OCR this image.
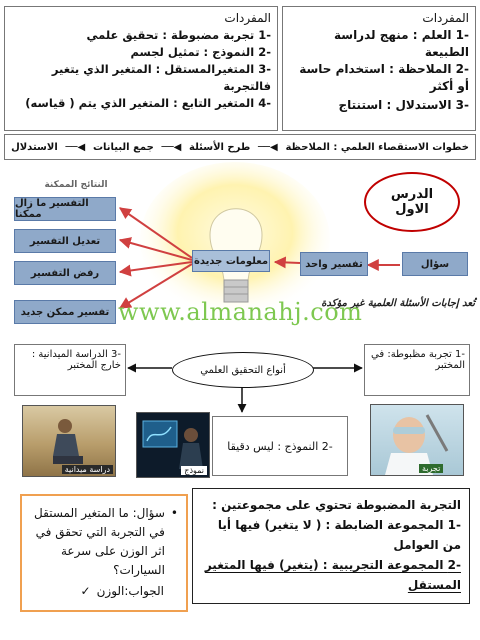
المفردات
-1 العلم : منهج لدراسة الطبيعة
-2 الملاحظة : استخدام حاسة أو أكثر
-3 الاستدلال : استنتاج
المفردات
-1 تجربة مضبوطة : تحقيق علمي
-2 النموذج : تمثيل لجسم
-3 المتغيرالمستقل : المتغير الذي يتغير فالتجربة
-4 المتغير التابع : المتغير الذي يتم ( قياسه)
خطوات الاستقصاء العلمي : الملاحظة
◀──
طرح الأسئلة
◀──
جمع البيانات
◀──
الاستدلال
النتائج الممكنة
التفسير ما زال ممكنا
تعديل التفسير
رفض التفسير
تفسير ممكن جديد
معلومات جديدة	تفسير واحد	سؤال
الدرس
الاول
تُعد إجابات الأسئلة العلمية غير مؤكدة
www.almanahj.com
-3 الدراسة الميدانية : خارج المختبر	أنواع التحقيق العلمي
-1 تجربة مظبوطة: في المختبر
-2 النموذج : ليس دقيقا
دراسة ميدانية	نموذج	تجربة
التجربة المضبوطة تحتوي على مجموعتين :
-1 المجموعة الضابطة : ( لا يتغير) فيها أيا من العوامل
-2 المجموعة التجريبية : (يتغير) فيها المتغير المستقل
•
سؤال: ما المتغير المستقل في التجربة التي تحقق في اثر الوزن على سرعة السيارات؟
الجواب:الوزن
✓
